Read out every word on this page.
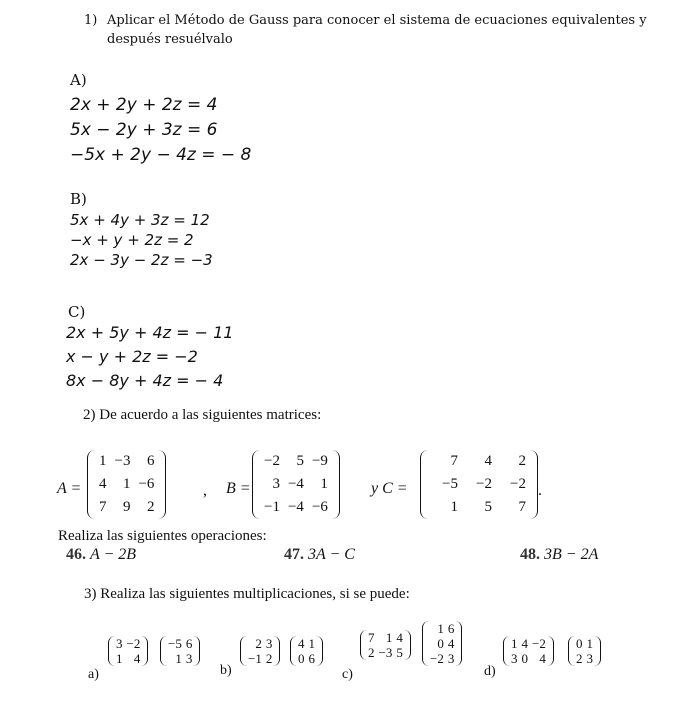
1) Aplicar el Método de Gauss para conocer el sistema de ecuaciones equivalentes y
después resuélvalo
A)
2x + 2y + 2z = 4
5x − 2y + 3z = 6
−5x + 2y − 4z = − 8
B)
5x + 4y + 3z = 12
−x + y + 2z = 2
2x − 3y − 2z = −3
C)
2x + 5y + 4z = − 11
x − y + 2z = −2
8x − 8y + 4z = − 4
2) De acuerdo a las siguientes matrices:
A =
1	−3	6
4	1	−6
7	9	2
, B =
−2	5	−9
3	−4	1
−1	−4	−6
y C =
7	4	2
−5	−2	−2
1	5	7
.
Realiza las siguientes operaciones:
46. A − 2B	47. 3A − C	48. 3B − 2A
3) Realiza las siguientes multiplicaciones, si se puede:
a)
3	−2
1	4
−5	6
1	3
b)
2	3
−1	2
4	1
0	6
c)
7	1	4
2	−3	5
1	6
0	4
−2	3
d)
1	4	−2
3	0	4
0	1
2	3
